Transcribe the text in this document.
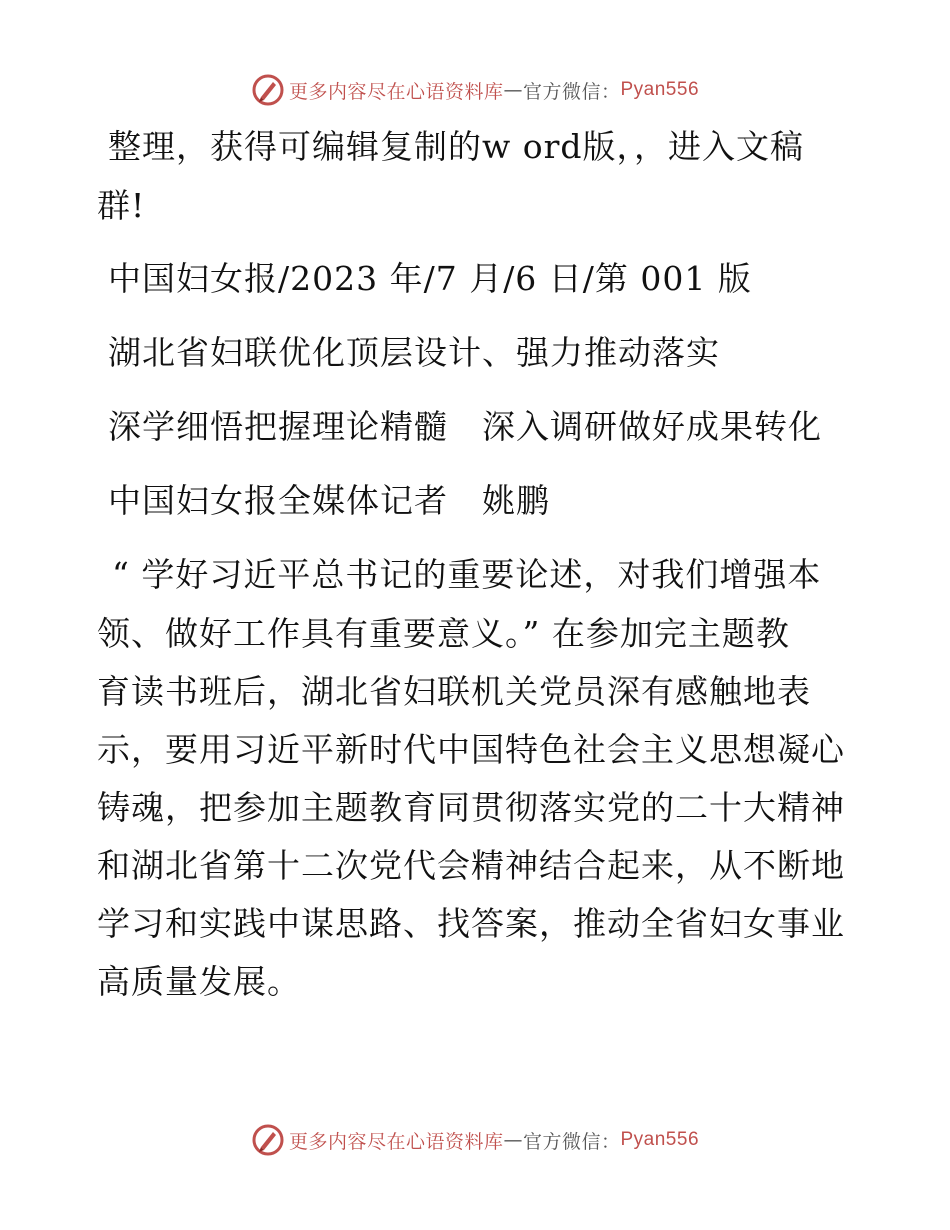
更多内容尽在心语资料库 — 官方微信： Pyan556
整理，获得可编辑复制的w ord版，，进入文稿
群!
中国妇女报/2023 年/7 月/6 日/第 001 版
湖北省妇联优化顶层设计、强力推动落实
深学细悟把握理论精髓　深入调研做好成果转化
中国妇女报全媒体记者　姚鹏
“ 学好习近平总书记的重要论述，对我们增强本
领、做好工作具有重要意义。” 在参加完主题教
育读书班后，湖北省妇联机关党员深有感触地表
示，要用习近平新时代中国特色社会主义思想凝心
铸魂，把参加主题教育同贯彻落实党的二十大精神
和湖北省第十二次党代会精神结合起来，从不断地
学习和实践中谋思路、找答案，推动全省妇女事业
高质量发展。
更多内容尽在心语资料库 — 官方微信： Pyan556
